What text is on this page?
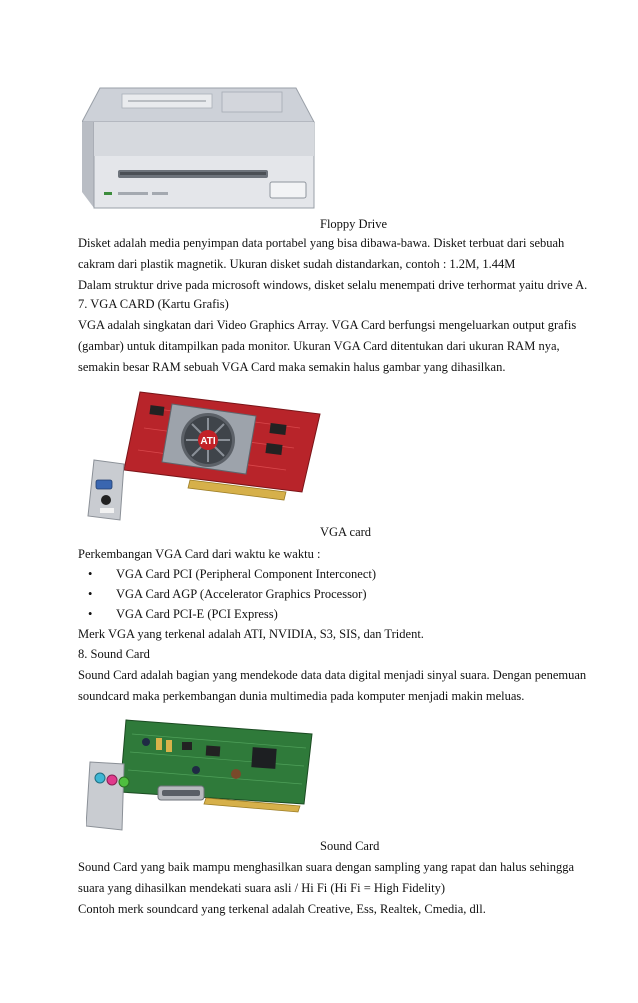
Floppy Drive
Disket adalah media penyimpan data portabel yang bisa dibawa-bawa. Disket terbuat dari sebuah
cakram dari plastik magnetik. Ukuran disket sudah distandarkan, contoh : 1.2M, 1.44M
Dalam struktur drive pada microsoft windows, disket selalu menempati drive terhormat yaitu drive A.
7. VGA CARD (Kartu Grafis)
VGA adalah singkatan dari Video Graphics Array. VGA Card berfungsi mengeluarkan output grafis
(gambar) untuk ditampilkan pada monitor. Ukuran VGA Card ditentukan dari ukuran RAM nya,
semakin besar RAM sebuah VGA Card maka semakin halus gambar yang dihasilkan.
ATI
VGA card
Perkembangan VGA Card dari waktu ke waktu :
• VGA Card PCI (Peripheral Component Interconect)
• VGA Card AGP (Accelerator Graphics Processor)
• VGA Card PCI-E (PCI Express)
Merk VGA yang terkenal adalah ATI, NVIDIA, S3, SIS, dan Trident.
8. Sound Card
Sound Card adalah bagian yang mendekode data data digital menjadi sinyal suara. Dengan penemuan
soundcard maka perkembangan dunia multimedia pada komputer menjadi makin meluas.
Sound Card
Sound Card yang baik mampu menghasilkan suara dengan sampling yang rapat dan halus sehingga
suara yang dihasilkan mendekati suara asli / Hi Fi (Hi Fi = High Fidelity)
Contoh merk soundcard yang terkenal adalah Creative, Ess, Realtek, Cmedia, dll.
